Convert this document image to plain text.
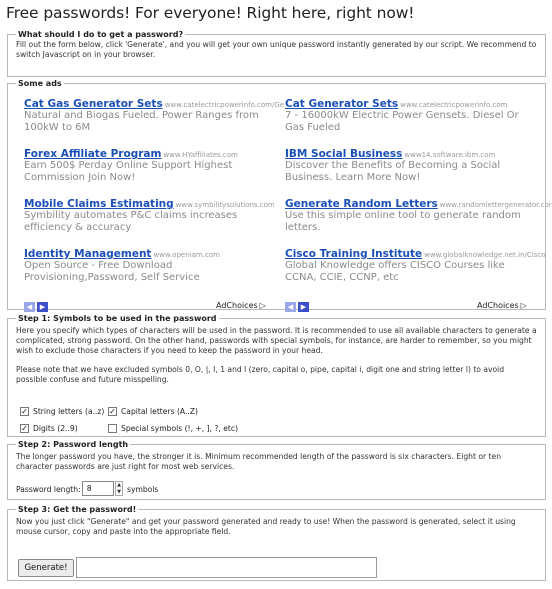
Free passwords! For everyone! Right here, right now!
What should I do to get a password?

Fill out the form below, click 'Generate', and you will get your own unique password instantly generated by our script. We recommend to switch Javascript on in your browser.

Some ads
Cat Gas Generator Sets www.catelectricpowerinfo.com/Ge
Natural and Biogas Fueled. Power Ranges from 100kW to 6M
Forex Affiliate Program www.HYaffiliates.com
Earn 500$ Perday Online Support Highest Commission Join Now!
Mobile Claims Estimating www.symbilitysolutions.com
Symbility automates P&C claims increases efficiency & accuracy
Identity Management www.openiam.com
Open Source - Free Download Provisioning,Password, Self Service
Cat Generator Sets www.catelectricpowerinfo.com
7 - 16000kW Electric Power Gensets. Diesel Or Gas Fueled
IBM Social Business www14.software.ibm.com
Discover the Benefits of Becoming a Social Business. Learn More Now!
Generate Random Letters www.randomlettergenerator.cor
Use this simple online tool to generate random letters.
Cisco Training Institute www.globalknowledge.net.in/Cisco
Global Knowledge offers CISCO Courses like CCNA, CCIE, CCNP, etc
◀ ▶	AdChoices ▷	◀ ▶	AdChoices ▷
Step 1: Symbols to be used in the password

Here you specify which types of characters will be used in the password. It is recommended to use all available characters to generate a complicated, strong password. On the other hand, passwords with special symbols, for instance, are harder to remember, so you might wish to exclude those characters if you need to keep the password in your head.

Please note that we have excluded symbols 0, O, |, I, 1 and l (zero, capital o, pipe, capital i, digit one and string letter l) to avoid possible confuse and future misspelling.

✓ String letters (a..z) ✓ Capital letters (A..Z)
✓ Digits (2..9)	Special symbols (!, +, ], ?, etc)
Step 2: Password length

The longer password you have, the stronger it is. Minimum recommended length of the password is six characters. Eight or ten character passwords are just right for most web services.

Password length:
8	▲
▼ symbols
Step 3: Get the password!

Now you just click "Generate" and get your password generated and ready to use! When the password is generated, select it using mouse cursor, copy and paste into the appropriate field.

Generate!
